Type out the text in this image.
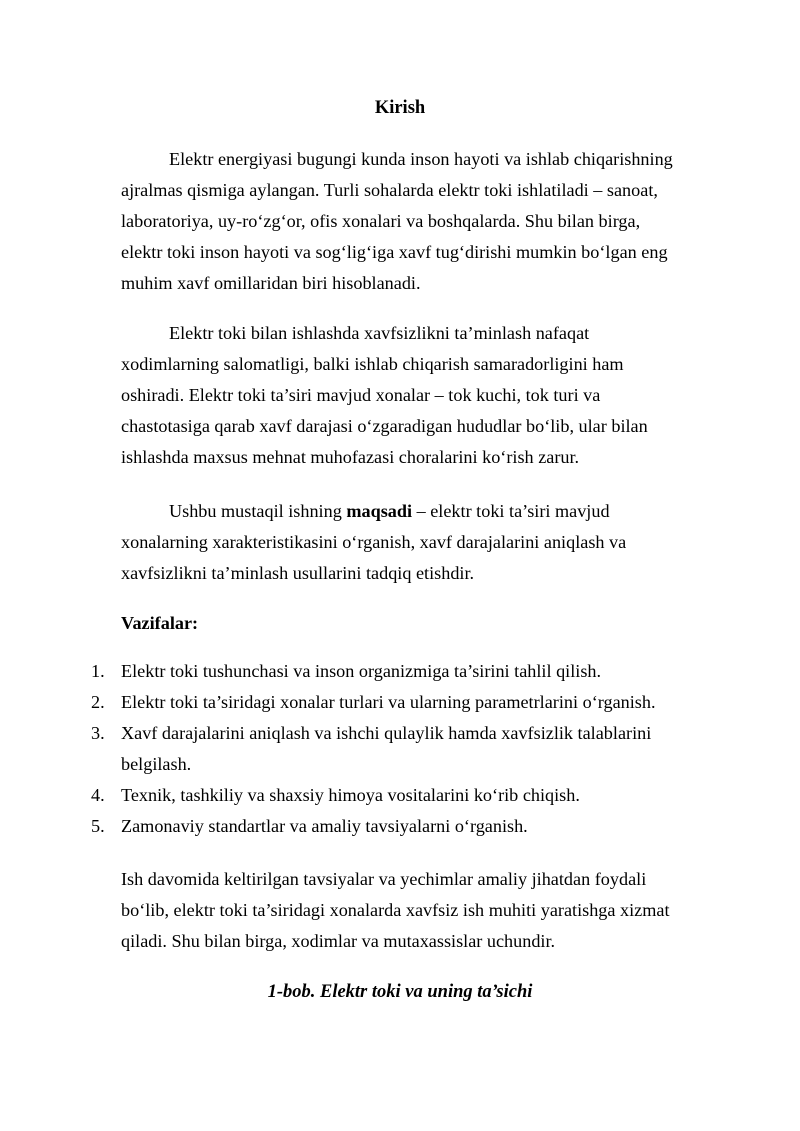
Kirish

Elektr energiyasi bugungi kunda inson hayoti va ishlab chiqarishning ajralmas qismiga aylangan. Turli sohalarda elektr toki ishlatiladi – sanoat, laboratoriya, uy-ro‘zg‘or, ofis xonalari va boshqalarda. Shu bilan birga, elektr toki inson hayoti va sog‘lig‘iga xavf tug‘dirishi mumkin bo‘lgan eng muhim xavf omillaridan biri hisoblanadi.

Elektr toki bilan ishlashda xavfsizlikni ta’minlash nafaqat xodimlarning salomatligi, balki ishlab chiqarish samaradorligini ham oshiradi. Elektr toki ta’siri mavjud xonalar – tok kuchi, tok turi va chastotasiga qarab xavf darajasi o‘zgaradigan hududlar bo‘lib, ular bilan ishlashda maxsus mehnat muhofazasi choralarini ko‘rish zarur.

Ushbu mustaqil ishning maqsadi – elektr toki ta’siri mavjud xonalarning xarakteristikasini o‘rganish, xavf darajalarini aniqlash va xavfsizlikni ta’minlash usullarini tadqiq etishdir.

Vazifalar:
1. Elektr toki tushunchasi va inson organizmiga ta’sirini tahlil qilish.
2. Elektr toki ta’siridagi xonalar turlari va ularning parametrlarini o‘rganish.
3. Xavf darajalarini aniqlash va ishchi qulaylik hamda xavfsizlik talablarini belgilash.
4. Texnik, tashkiliy va shaxsiy himoya vositalarini ko‘rib chiqish.
5. Zamonaviy standartlar va amaliy tavsiyalarni o‘rganish.

Ish davomida keltirilgan tavsiyalar va yechimlar amaliy jihatdan foydali bo‘lib, elektr toki ta’siridagi xonalarda xavfsiz ish muhiti yaratishga xizmat qiladi. Shu bilan birga, xodimlar va mutaxassislar uchundir.

1-bob. Elektr toki va uning ta’sichi
